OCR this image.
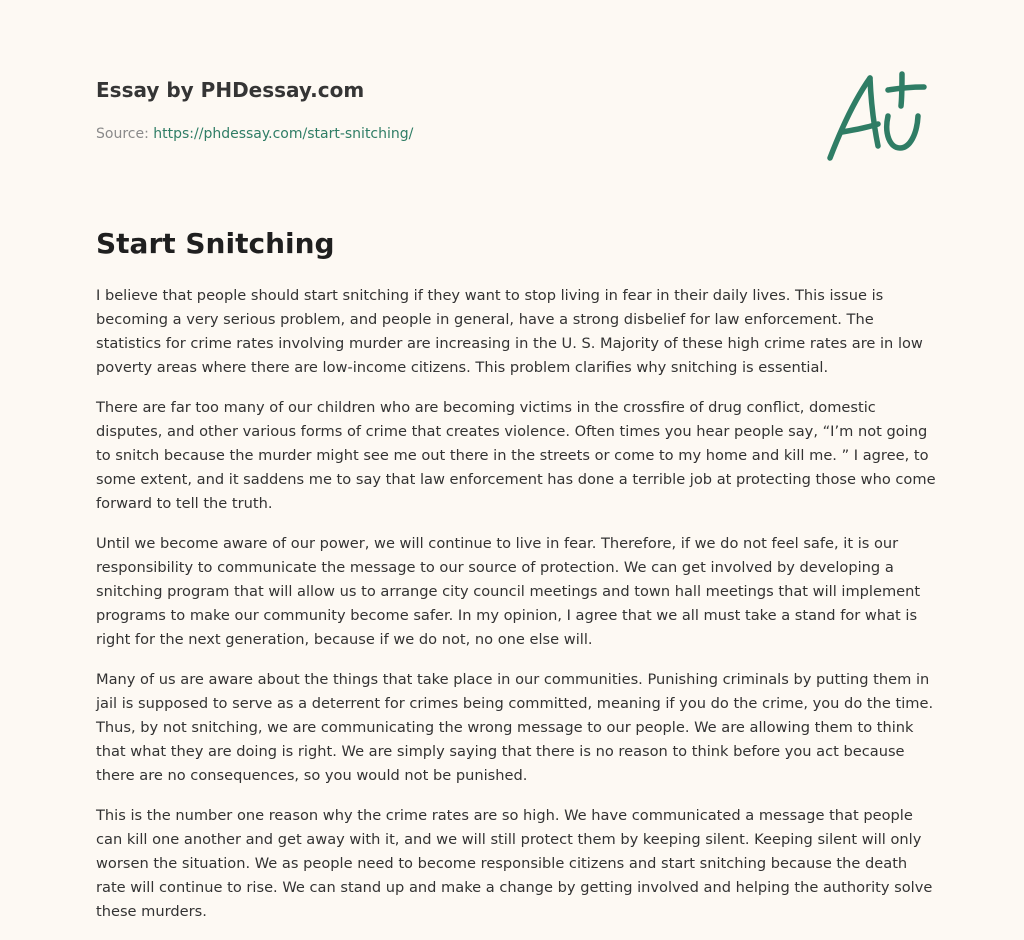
Essay by PHDessay.com
Source: https://phdessay.com/start-snitching/
Start Snitching

I believe that people should start snitching if they want to stop living in fear in their daily lives. This issue is becoming a very serious problem, and people in general, have a strong disbelief for law enforcement. The statistics for crime rates involving murder are increasing in the U. S. Majority of these high crime rates are in low poverty areas where there are low-income citizens. This problem clarifies why snitching is essential.

There are far too many of our children who are becoming victims in the crossfire of drug conflict, domestic disputes, and other various forms of crime that creates violence. Often times you hear people say, “I’m not going to snitch because the murder might see me out there in the streets or come to my home and kill me. ” I agree, to some extent, and it saddens me to say that law enforcement has done a terrible job at protecting those who come forward to tell the truth.

Until we become aware of our power, we will continue to live in fear. Therefore, if we do not feel safe, it is our responsibility to communicate the message to our source of protection. We can get involved by developing a snitching program that will allow us to arrange city council meetings and town hall meetings that will implement programs to make our community become safer. In my opinion, I agree that we all must take a stand for what is right for the next generation, because if we do not, no one else will.

Many of us are aware about the things that take place in our communities. Punishing criminals by putting them in jail is supposed to serve as a deterrent for crimes being committed, meaning if you do the crime, you do the time. Thus, by not snitching, we are communicating the wrong message to our people. We are allowing them to think that what they are doing is right. We are simply saying that there is no reason to think before you act because there are no consequences, so you would not be punished.

This is the number one reason why the crime rates are so high. We have communicated a message that people can kill one another and get away with it, and we will still protect them by keeping silent. Keeping silent will only worsen the situation. We as people need to become responsible citizens and start snitching because the death rate will continue to rise. We can stand up and make a change by getting involved and helping the authority solve these murders.
